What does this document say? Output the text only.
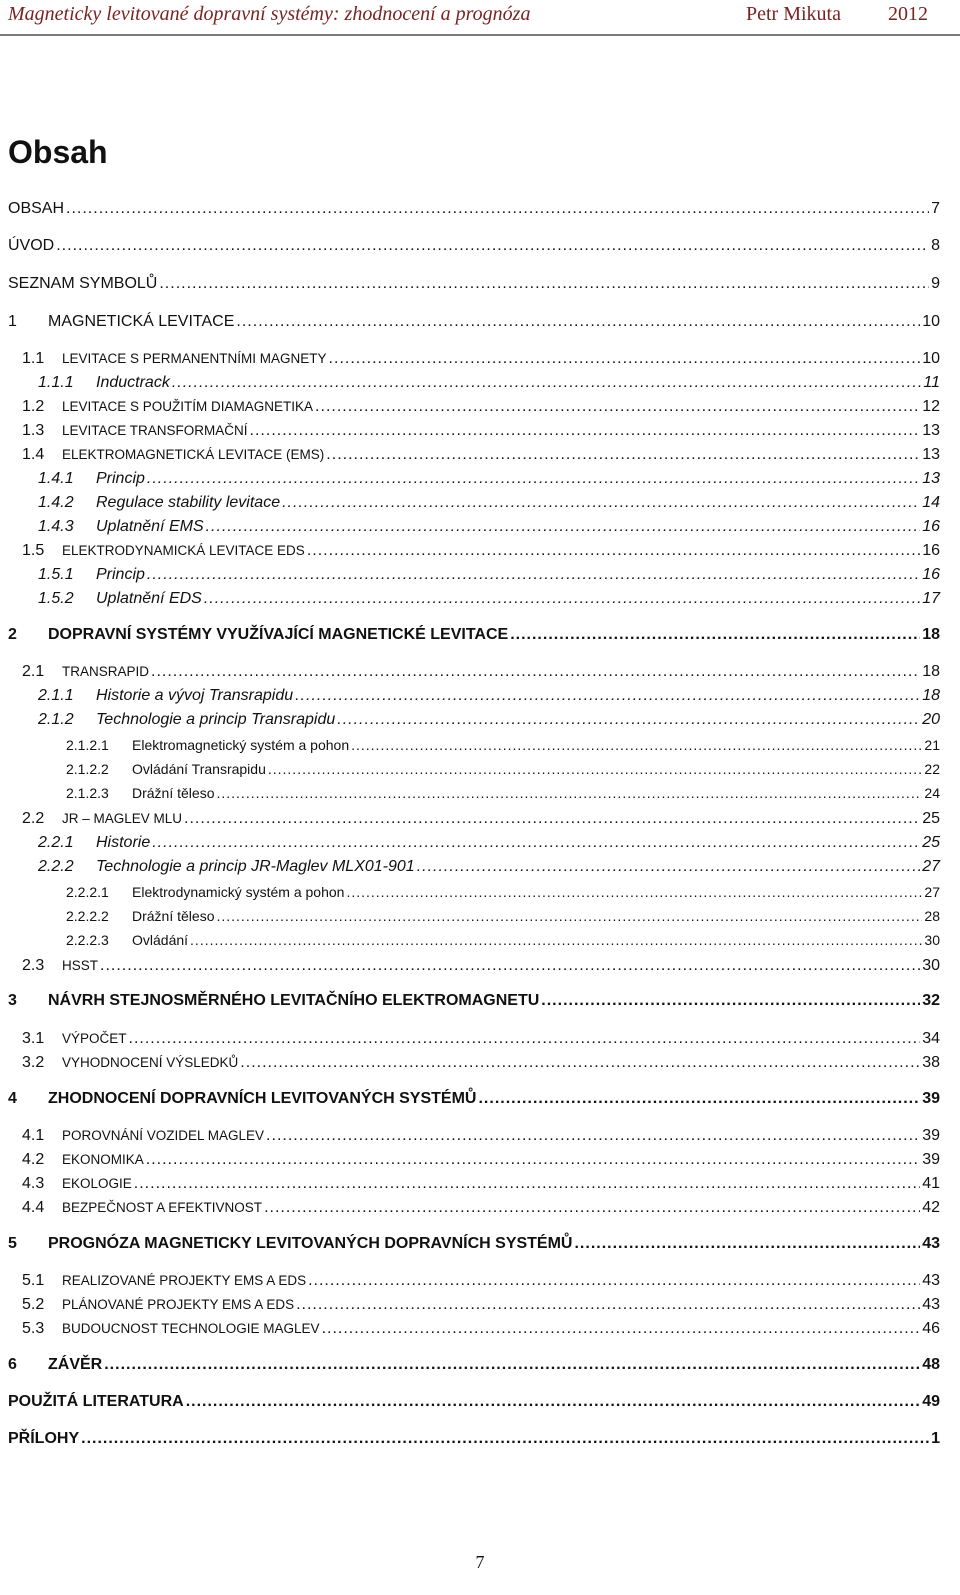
Magneticky levitované dopravní systémy: zhodnocení a prognóza	Petr Mikuta 2012
Obsah
OBSAH .....	7
ÚVOD .....	8
SEZNAM SYMBOLŮ .....	9
1	MAGNETICKÁ LEVITACE .....	10
1.1	LEVITACE S PERMANENTNÍMI MAGNETY .....	10
1.1.1	Inductrack .....	11
1.2	LEVITACE S POUŽITÍM DIAMAGNETIKA .....	12
1.3	LEVITACE TRANSFORMAČNÍ .....	13
1.4	ELEKTROMAGNETICKÁ LEVITACE (EMS) .....	13
1.4.1	Princip .....	13
1.4.2	Regulace stability levitace .....	14
1.4.3	Uplatnění EMS .....	16
1.5	ELEKTRODYNAMICKÁ LEVITACE EDS .....	16
1.5.1	Princip .....	16
1.5.2	Uplatnění EDS .....	17
2	DOPRAVNÍ SYSTÉMY VYUŽÍVAJÍCÍ MAGNETICKÉ LEVITACE .....	18
2.1	TRANSRAPID .....	18
2.1.1	Historie a vývoj Transrapidu .....	18
2.1.2	Technologie a princip Transrapidu .....	20
2.1.2.1	Elektromagnetický systém a pohon .....	21
2.1.2.2	Ovládání Transrapidu .....	22
2.1.2.3	Drážní těleso .....	24
2.2	JR – MAGLEV MLU .....	25
2.2.1	Historie .....	25
2.2.2	Technologie a princip JR-Maglev MLX01-901 .....	27
2.2.2.1	Elektrodynamický systém a pohon .....	27
2.2.2.2	Drážní těleso .....	28
2.2.2.3	Ovládání .....	30
2.3	HSST .....	30
3	NÁVRH STEJNOSMĚRNÉHO LEVITAČNÍHO ELEKTROMAGNETU .....	32
3.1	VÝPOČET .....	34
3.2	VYHODNOCENÍ VÝSLEDKŮ .....	38
4	ZHODNOCENÍ DOPRAVNÍCH LEVITOVANÝCH SYSTÉMŮ .....	39
4.1	POROVNÁNÍ VOZIDEL MAGLEV .....	39
4.2	EKONOMIKA .....	39
4.3	EKOLOGIE .....	41
4.4	BEZPEČNOST A EFEKTIVNOST .....	42
5	PROGNÓZA MAGNETICKY LEVITOVANÝCH DOPRAVNÍCH SYSTÉMŮ .....	43
5.1	REALIZOVANÉ PROJEKTY EMS A EDS .....	43
5.2	PLÁNOVANÉ PROJEKTY EMS A EDS .....	43
5.3	BUDOUCNOST TECHNOLOGIE MAGLEV .....	46
6	ZÁVĚR .....	48
POUŽITÁ LITERATURA .....	49
PŘÍLOHY .....	1
7
